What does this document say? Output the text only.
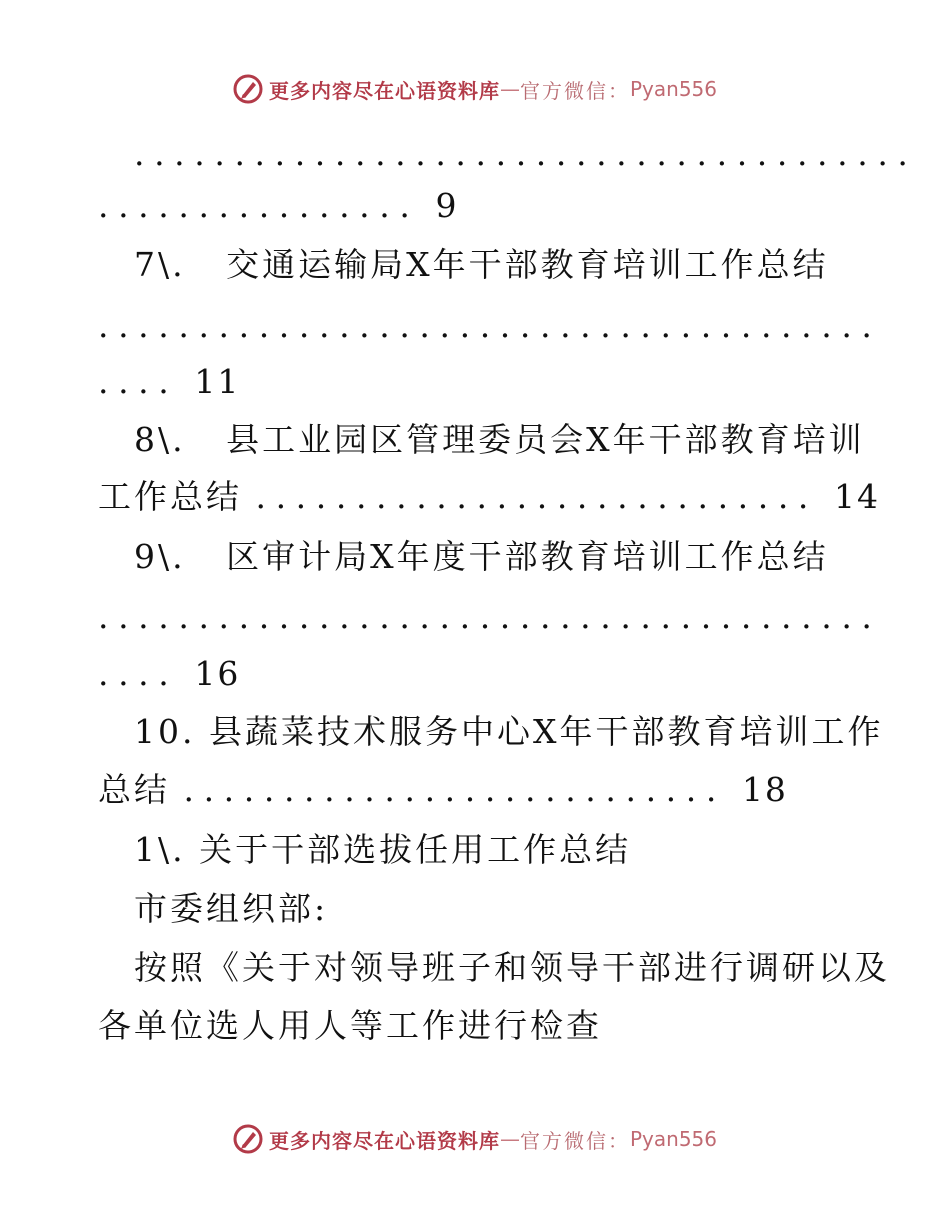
更多内容尽在心语资料库 — 官方微信： Pyan556
.......................................
................ 9
7\. 交通运输局X年干部教育培训工作总结
.......................................
.... 11
8\. 县工业园区管理委员会X年干部教育培训
工作总结 ............................ 14
9\. 区审计局X年度干部教育培训工作总结
.......................................
.... 16
10. 县蔬菜技术服务中心X年干部教育培训工作
总结 ........................... 18
1\. 关于干部选拔任用工作总结
市委组织部:
按照《关于对领导班子和领导干部进行调研以及
各单位选人用人等工作进行检查
更多内容尽在心语资料库 — 官方微信： Pyan556
